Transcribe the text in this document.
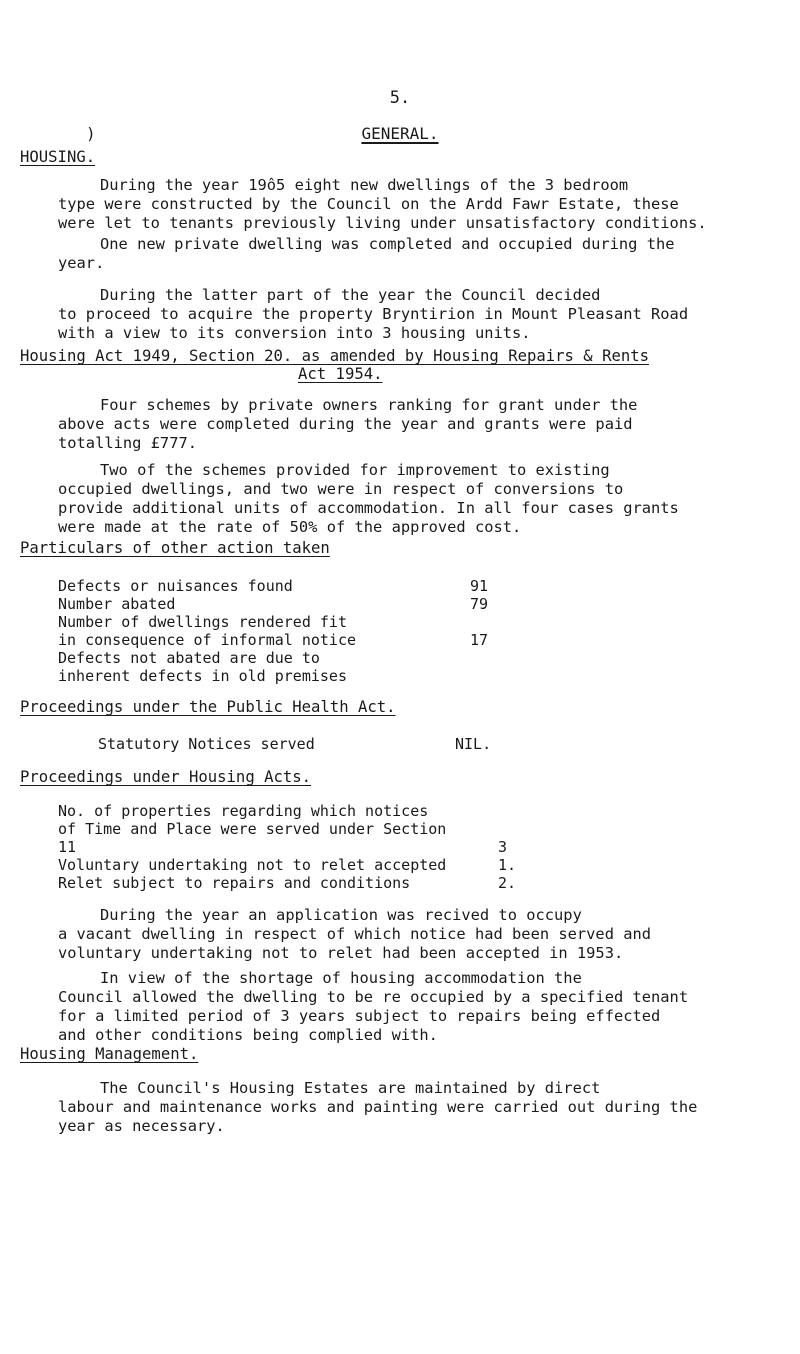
5.
)	GENERAL.
HOUSING.
During the year 19ô5 eight new dwellings of the 3 bedroom
type were constructed by the Council on the Ardd Fawr Estate, these
were let to tenants previously living under unsatisfactory conditions.
One new private dwelling was completed and occupied during the
year.
During the latter part of the year the Council decided
to proceed to acquire the property Bryntirion in Mount Pleasant Road
with a view to its conversion into 3 housing units.
Housing Act 1949, Section 20. as amended by Housing Repairs & Rents
Act 1954.
Four schemes by private owners ranking for grant under the
above acts were completed during the year and grants were paid
totalling £777.
Two of the schemes provided for improvement to existing
occupied dwellings, and two were in respect of conversions to
provide additional units of accommodation. In all four cases grants
were made at the rate of 50% of the approved cost.
Particulars of other action taken
Defects or nuisances found	91
Number abated	79
Number of dwellings rendered fit
in consequence of informal notice	17
Defects not abated are due to
inherent defects in old premises
Proceedings under the Public Health Act.
Statutory Notices served	NIL.
Proceedings under Housing Acts.
No. of properties regarding which notices
of Time and Place were served under Section
11	3
Voluntary undertaking not to relet accepted	1.
Relet subject to repairs and conditions	2.
During the year an application was recived to occupy
a vacant dwelling in respect of which notice had been served and
voluntary undertaking not to relet had been accepted in 1953.
In view of the shortage of housing accommodation the
Council allowed the dwelling to be re occupied by a specified tenant
for a limited period of 3 years subject to repairs being effected
and other conditions being complied with.
Housing Management.
The Council's Housing Estates are maintained by direct
labour and maintenance works and painting were carried out during the
year as necessary.
